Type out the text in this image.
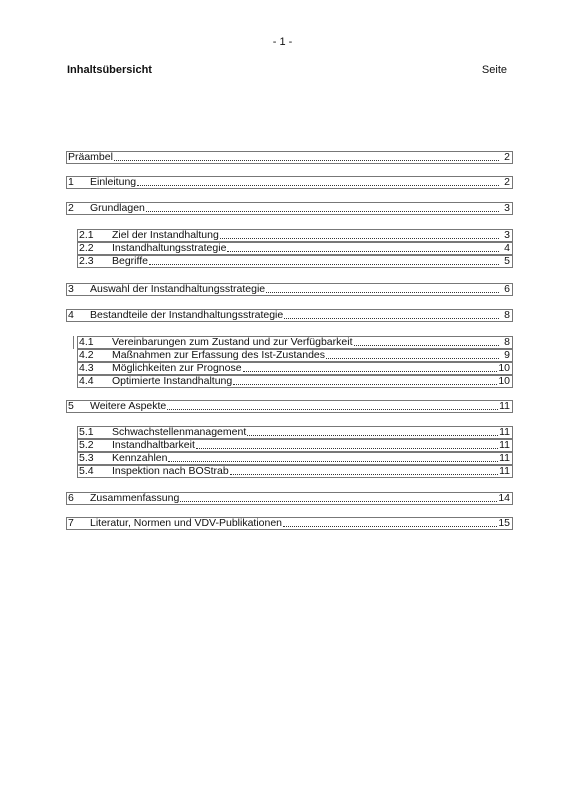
- 1 -
Inhaltsübersicht	Seite
Präambel	2
1	Einleitung	2
2	Grundlagen	3
2.1	Ziel der Instandhaltung	3
2.2	Instandhaltungsstrategie	4
2.3	Begriffe	5
3	Auswahl der Instandhaltungsstrategie	6
4	Bestandteile der Instandhaltungsstrategie	8
4.1	Vereinbarungen zum Zustand und zur Verfügbarkeit	8
4.2	Maßnahmen zur Erfassung des Ist-Zustandes	9
4.3	Möglichkeiten zur Prognose	10
4.4	Optimierte Instandhaltung	10
5	Weitere Aspekte	11
5.1	Schwachstellenmanagement	11
5.2	Instandhaltbarkeit	11
5.3	Kennzahlen	11
5.4	Inspektion nach BOStrab	11
6	Zusammenfassung	14
7	Literatur, Normen und VDV-Publikationen	15
